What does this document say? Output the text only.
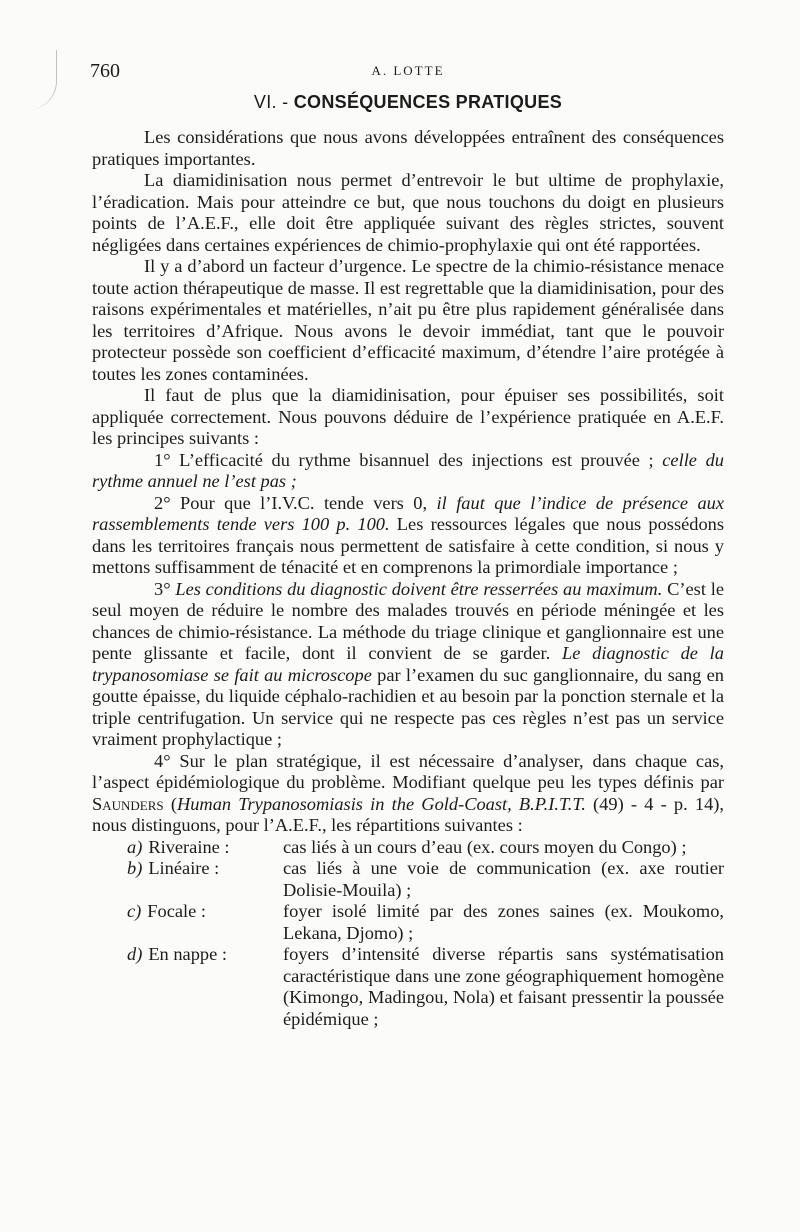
760	A. LOTTE
VI. - CONSÉQUENCES PRATIQUES

Les considérations que nous avons développées entraînent des conséquences pratiques importantes.

La diamidinisation nous permet d’entrevoir le but ultime de prophylaxie, l’éradication. Mais pour atteindre ce but, que nous touchons du doigt en plusieurs points de l’A.E.F., elle doit être appliquée suivant des règles strictes, souvent négligées dans certaines expériences de chimio-prophylaxie qui ont été rapportées.

Il y a d’abord un facteur d’urgence. Le spectre de la chimio-résistance menace toute action thérapeutique de masse. Il est regrettable que la diamidinisation, pour des raisons expérimentales et matérielles, n’ait pu être plus rapidement généralisée dans les territoires d’Afrique. Nous avons le devoir immédiat, tant que le pouvoir protecteur possède son coefficient d’efficacité maximum, d’étendre l’aire protégée à toutes les zones contaminées.

Il faut de plus que la diamidinisation, pour épuiser ses possibilités, soit appliquée correctement. Nous pouvons déduire de l’expérience pratiquée en A.E.F. les principes suivants :

1° L’efficacité du rythme bisannuel des injections est prouvée ; celle du rythme annuel ne l’est pas ;

2° Pour que l’I.V.C. tende vers 0, il faut que l’indice de présence aux rassemblements tende vers 100 p. 100. Les ressources légales que nous possédons dans les territoires français nous permettent de satisfaire à cette condition, si nous y mettons suffisamment de ténacité et en comprenons la primordiale importance ;

3° Les conditions du diagnostic doivent être resserrées au maximum. C’est le seul moyen de réduire le nombre des malades trouvés en période méningée et les chances de chimio-résistance. La méthode du triage clinique et ganglionnaire est une pente glissante et facile, dont il convient de se garder. Le diagnostic de la trypanosomiase se fait au microscope par l’examen du suc ganglionnaire, du sang en goutte épaisse, du liquide céphalo-rachidien et au besoin par la ponction sternale et la triple centrifugation. Un service qui ne respecte pas ces règles n’est pas un service vraiment prophylactique ;

4° Sur le plan stratégique, il est nécessaire d’analyser, dans chaque cas, l’aspect épidémiologique du problème. Modifiant quelque peu les types définis par Saunders (Human Trypanosomiasis in the Gold-Coast, B.P.I.T.T. (49) - 4 - p. 14), nous distinguons, pour l’A.E.F., les répartitions suivantes :

a) Riveraine :	cas liés à un cours d’eau (ex. cours moyen du Congo) ;
b) Linéaire :	cas liés à une voie de communication (ex. axe routier Dolisie-Mouila) ;
c) Focale :	foyer isolé limité par des zones saines (ex. Moukomo, Lekana, Djomo) ;
d) En nappe :	foyers d’intensité diverse répartis sans systématisation caractéristique dans une zone géographiquement homogène (Kimongo, Madingou, Nola) et faisant pressentir la poussée épidémique ;
